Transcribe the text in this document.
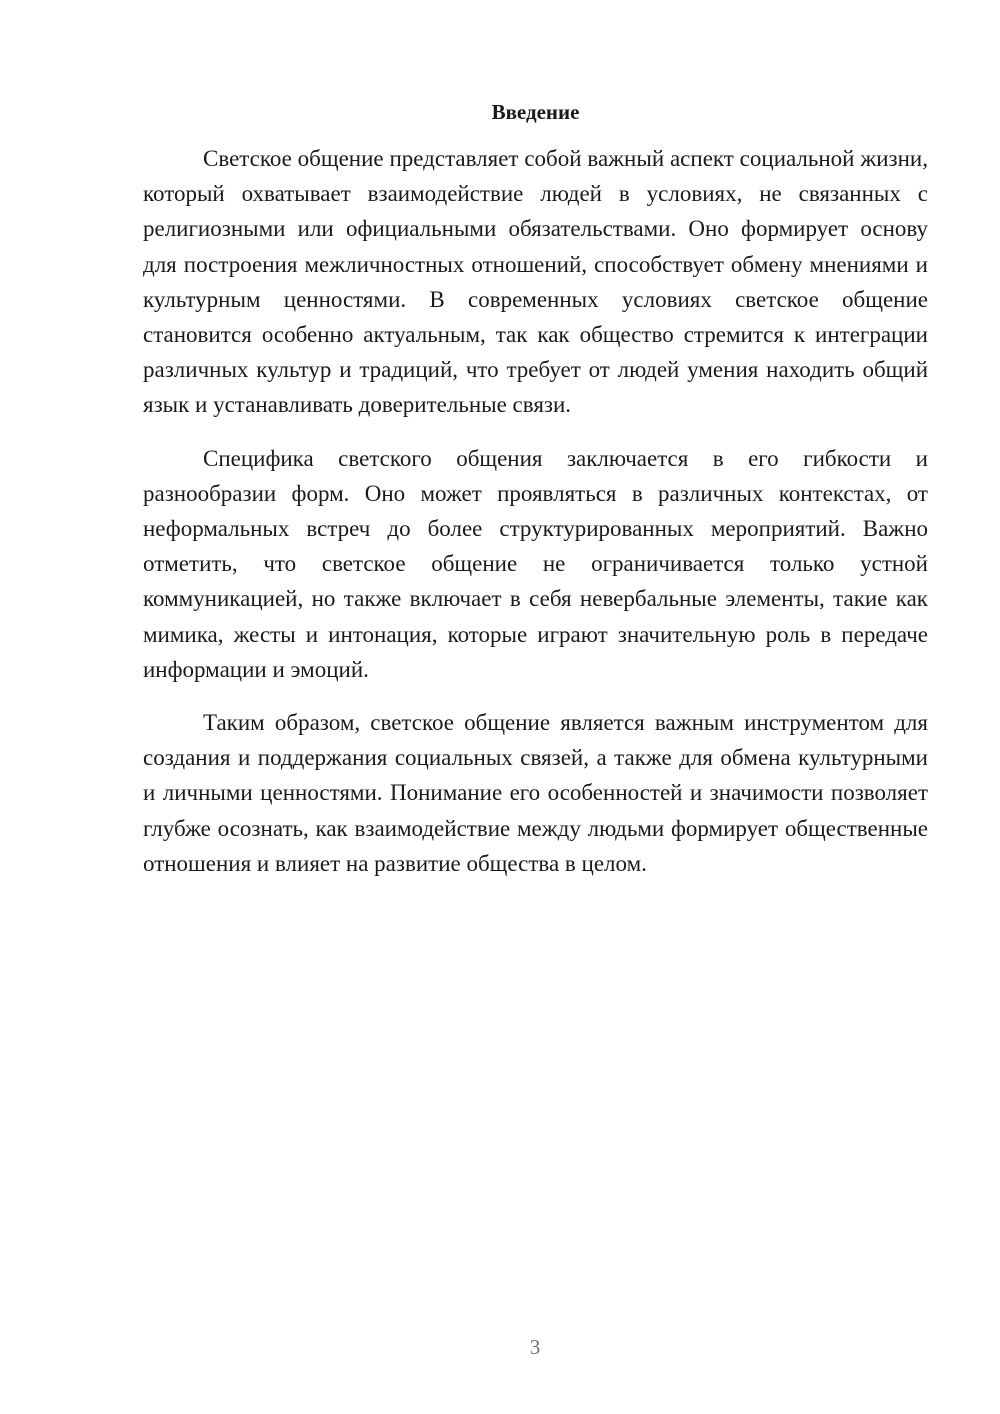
Введение

Светское общение представляет собой важный аспект социальной жизни, который охватывает взаимодействие людей в условиях, не связанных с религиозными или официальными обязательствами. Оно формирует основу для построения межличностных отношений, способствует обмену мнениями и культурным ценностями. В современных условиях светское общение становится особенно актуальным, так как общество стремится к интеграции различных культур и традиций, что требует от людей умения находить общий язык и устанавливать доверительные связи.

Специфика светского общения заключается в его гибкости и разнообразии форм. Оно может проявляться в различных контекстах, от неформальных встреч до более структурированных мероприятий. Важно отметить, что светское общение не ограничивается только устной коммуникацией, но также включает в себя невербальные элементы, такие как мимика, жесты и интонация, которые играют значительную роль в передаче информации и эмоций.

Таким образом, светское общение является важным инструментом для создания и поддержания социальных связей, а также для обмена культурными и личными ценностями. Понимание его особенностей и значимости позволяет глубже осознать, как взаимодействие между людьми формирует общественные отношения и влияет на развитие общества в целом.

3
